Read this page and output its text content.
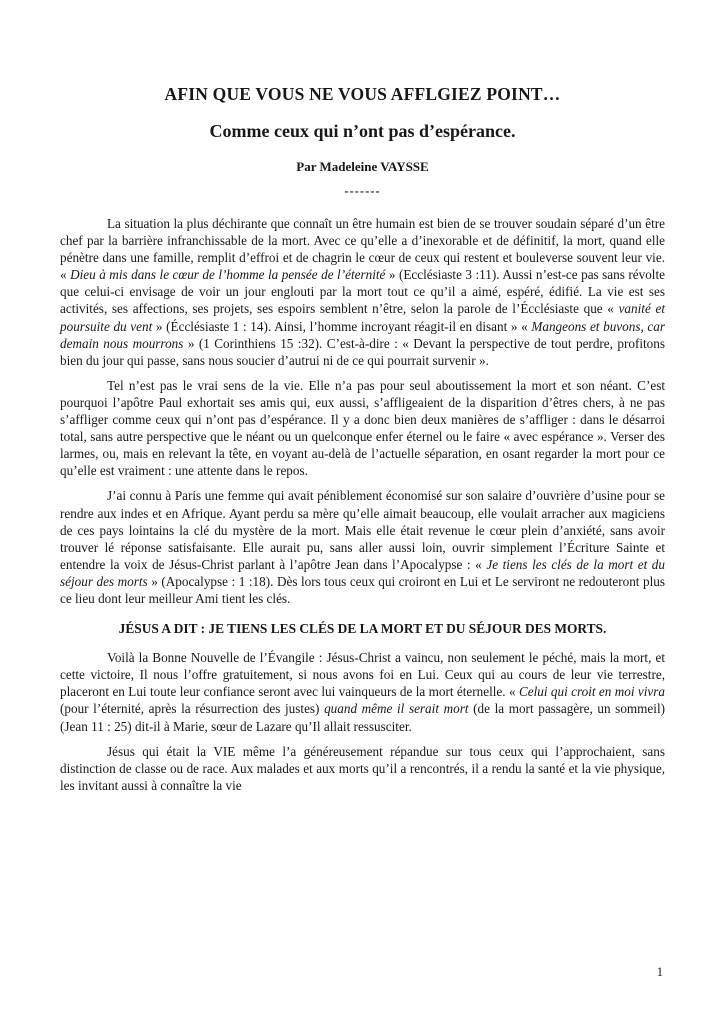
AFIN QUE VOUS NE VOUS AFFLGIEZ POINT…
Comme ceux qui n’ont pas d’espérance.
Par Madeleine VAYSSE
-------

La situation la plus déchirante que connaît un être humain est bien de se trouver soudain séparé d’un être chef par la barrière infranchissable de la mort. Avec ce qu’elle a d’inexorable et de définitif, la mort, quand elle pénètre dans une famille, remplit d’effroi et de chagrin le cœur de ceux qui restent et bouleverse souvent leur vie. « Dieu à mis dans le cœur de l’homme la pensée de l’éternité » (Ecclésiaste 3 :11). Aussi n’est-ce pas sans révolte que celui-ci envisage de voir un jour englouti par la mort tout ce qu’il a aimé, espéré, édifié. La vie est ses activités, ses affections, ses projets, ses espoirs semblent n’être, selon la parole de l’Écclésiaste que « vanité et poursuite du vent » (Écclésiaste 1 : 14). Ainsi, l’homme incroyant réagit-il en disant » « Mangeons et buvons, car demain nous mourrons » (1 Corinthiens 15 :32). C’est-à-dire : « Devant la perspective de tout perdre, profitons bien du jour qui passe, sans nous soucier d’autrui ni de ce qui pourrait survenir ».

Tel n’est pas le vrai sens de la vie. Elle n’a pas pour seul aboutissement la mort et son néant. C’est pourquoi l’apôtre Paul exhortait ses amis qui, eux aussi, s’affligeaient de la disparition d’êtres chers, à ne pas s’affliger comme ceux qui n’ont pas d’espérance. Il y a donc bien deux manières de s’affliger : dans le désarroi total, sans autre perspective que le néant ou un quelconque enfer éternel ou le faire « avec espérance ». Verser des larmes, ou, mais en relevant la tête, en voyant au-delà de l’actuelle séparation, en osant regarder la mort pour ce qu’elle est vraiment : une attente dans le repos.

J’ai connu à Paris une femme qui avait péniblement économisé sur son salaire d’ouvrière d’usine pour se rendre aux indes et en Afrique. Ayant perdu sa mère qu’elle aimait beaucoup, elle voulait arracher aux magiciens de ces pays lointains la clé du mystère de la mort. Mais elle était revenue le cœur plein d’anxiété, sans avoir trouver lé réponse satisfaisante. Elle aurait pu, sans aller aussi loin, ouvrir simplement l’Écriture Sainte et entendre la voix de Jésus-Christ parlant à l’apôtre Jean dans l’Apocalypse : « Je tiens les clés de la mort et du séjour des morts » (Apocalypse : 1 :18). Dès lors tous ceux qui croiront en Lui et Le serviront ne redouteront plus ce lieu dont leur meilleur Ami tient les clés.

JÉSUS A DIT : JE TIENS LES CLÉS DE LA MORT ET DU SÉJOUR DES MORTS.

Voilà la Bonne Nouvelle de l’Évangile : Jésus-Christ a vaincu, non seulement le péché, mais la mort, et cette victoire, Il nous l’offre gratuitement, si nous avons foi en Lui. Ceux qui au cours de leur vie terrestre, placeront en Lui toute leur confiance seront avec lui vainqueurs de la mort éternelle. « Celui qui croit en moi vivra (pour l’éternité, après la résurrection des justes) quand même il serait mort (de la mort passagère, un sommeil) (Jean 11 : 25) dit-il à Marie, sœur de Lazare qu’Il allait ressusciter.

Jésus qui était la VIE même l’a généreusement répandue sur tous ceux qui l’approchaient, sans distinction de classe ou de race. Aux malades et aux morts qu’il a rencontrés, il a rendu la santé et la vie physique, les invitant aussi à connaître la vie

1
